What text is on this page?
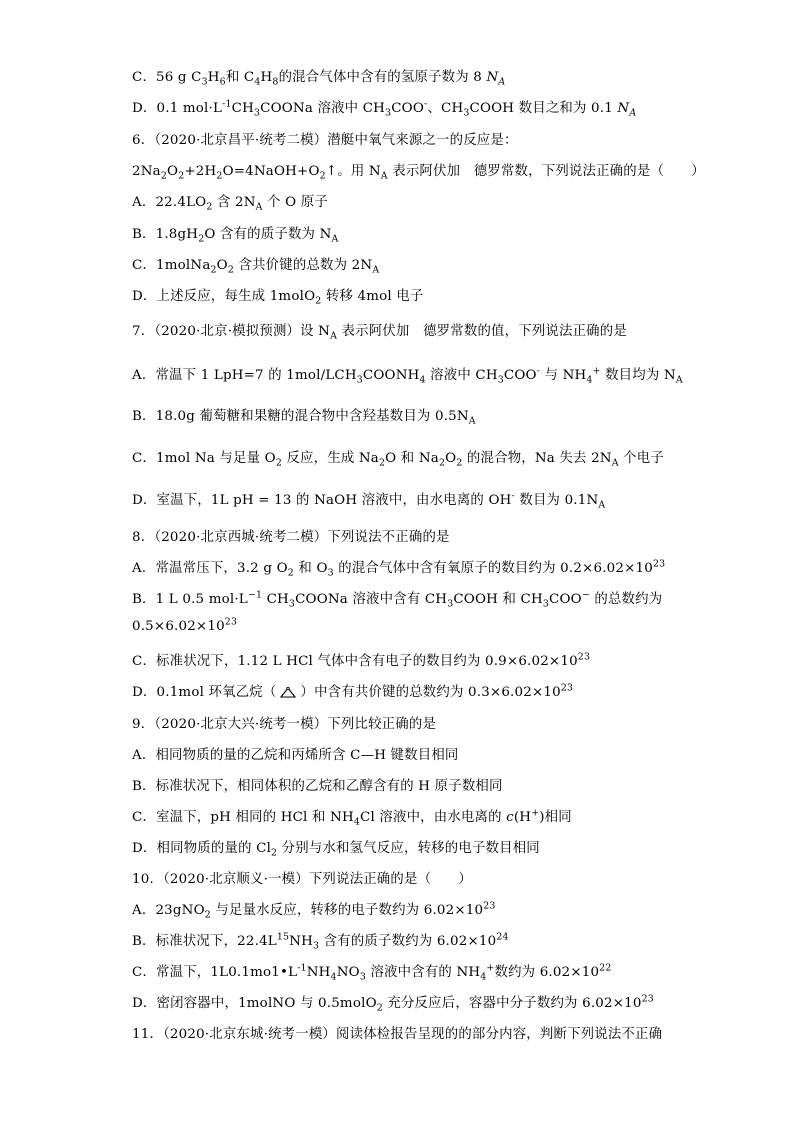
C．56 g $C_3H_6$和 $C_4H_8$的混合气体中含有的氢原子数为 8 $N_A$
D．0.1 $mol\cdot L^{-1}CH_3COONa$ 溶液中 $CH_3COO^-$、$CH_3COOH$ 数目之和为 0.1 $N_A$
6．（2020·北京昌平·统考二模）潜艇中氧气来源之一的反应是：
$2Na_2O_2+2H_2O=4NaOH+O_2↑$。用 $N_A$ 表示阿伏加　德罗常数，下列说法正确的是（　　）
A．$22.4LO_2$ 含 $2N_A$ 个 O 原子
B．$1.8gH_2O$ 含有的质子数为 $N_A$
C．$1molNa_2O_2$ 含共价键的总数为 $2N_A$
D．上述反应，每生成 1molO$_2$ 转移 4mol 电子
7．（2020·北京·模拟预测）设 $N_A$ 表示阿伏加　德罗常数的值，下列说法正确的是
A．常温下 1 LpH=7 的 $1mol/LCH_3COONH_4$ 溶液中 $CH_3COO^-$ 与 $NH_4^+$ 数目均为 $N_A$
B．18.0g 葡萄糖和果糖的混合物中含羟基数目为 $0.5N_A$
C．1mol Na 与足量 $O_2$ 反应，生成 $Na_2O$ 和 $Na_2O_2$ 的混合物，Na 失去 $2N_A$ 个电子
D．室温下，1L pH = 13 的 NaOH 溶液中，由水电离的 OH- 数目为 $0.1N_A$
8．（2020·北京西城·统考二模）下列说法不正确的是
A．常温常压下，3.2 g $O_2$ 和 $O_3$ 的混合气体中含有氧原子的数目约为 $0.2\times 6.02\times 10^{23}$
B．1 L 0.5 $mol\cdot L^{-1}$ $CH_3COONa$ 溶液中含有 $CH_3COOH$ 和 $CH_3COO^-$ 的总数约为
$0.5\times 6.02\times 10^{23}$
C．标准状况下，1.12 L HCl 气体中含有电子的数目约为 $0.9\times 6.02\times 10^{23}$
D．0.1mol 环氧乙烷（ ）中含有共价键的总数约为 $0.3\times 6.02\times 10^{23}$
9．（2020·北京大兴·统考一模）下列比较正确的是
A．相同物质的量的乙烷和丙烯所含 C—H 键数目相同
B．标准状况下，相同体积的乙烷和乙醇含有的 H 原子数相同
C．室温下，pH 相同的 HCl 和 $NH_4Cl$ 溶液中，由水电离的 c(H+)相同
D．相同物质的量的 $Cl_2$ 分别与水和氢气反应，转移的电子数目相同
10．（2020·北京顺义·一模）下列说法正确的是（　　）
A．23gNO$_2$ 与足量水反应，转移的电子数约为 $6.02\times 10^{23}$
B．标准状况下，$22.4L^{15}NH_3$ 含有的质子数约为 $6.02\times 10^{24}$
C．常温下，$1L0.1mo1•L^{-1}NH_4NO_3$ 溶液中含有的 $NH_4^+$数约为 $6.02\times 10^{22}$
D．密闭容器中，1molNO 与 0.5molO$_2$ 充分反应后，容器中分子数约为 $6.02\times 10^{23}$
11．（2020·北京东城·统考一模）阅读体检报告呈现的的部分内容，判断下列说法不正确
